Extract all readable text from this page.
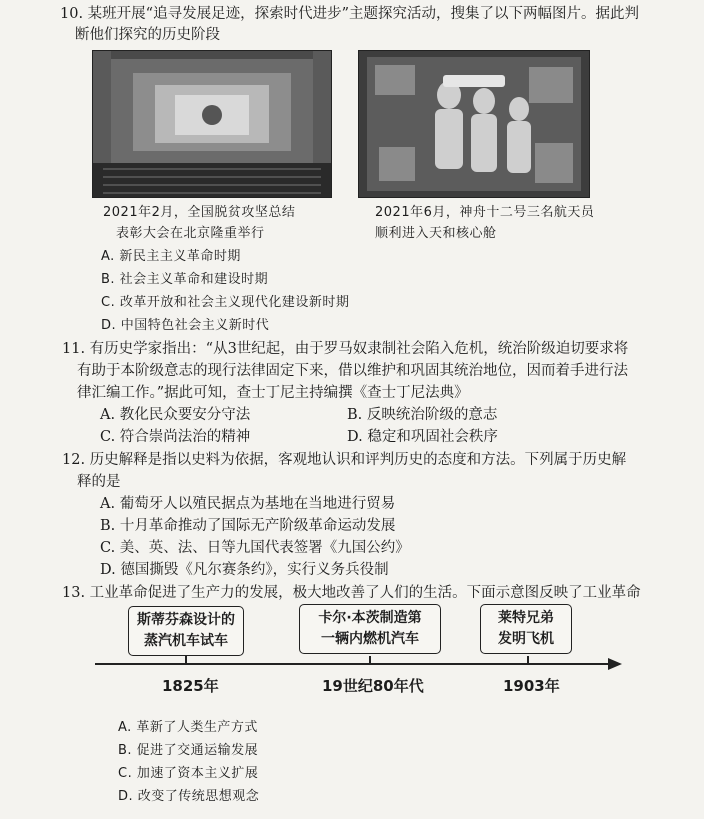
10. 某班开展“追寻发展足迹，探索时代进步”主题探究活动，搜集了以下两幅图片。据此判
断他们探究的历史阶段
2021年2月，全国脱贫攻坚总结
表彰大会在北京隆重举行
2021年6月，神舟十二号三名航天员
顺利进入天和核心舱
A. 新民主主义革命时期
B. 社会主义革命和建设时期
C. 改革开放和社会主义现代化建设新时期
D. 中国特色社会主义新时代
11. 有历史学家指出：“从3世纪起，由于罗马奴隶制社会陷入危机，统治阶级迫切要求将
有助于本阶级意志的现行法律固定下来，借以维护和巩固其统治地位，因而着手进行法
律汇编工作。”据此可知，查士丁尼主持编撰《查士丁尼法典》
A. 教化民众要安分守法	B. 反映统治阶级的意志
C. 符合崇尚法治的精神	D. 稳定和巩固社会秩序
12. 历史解释是指以史料为依据，客观地认识和评判历史的态度和方法。下列属于历史解
释的是
A. 葡萄牙人以殖民据点为基地在当地进行贸易
B. 十月革命推动了国际无产阶级革命运动发展
C. 美、英、法、日等九国代表签署《九国公约》
D. 德国撕毁《凡尔赛条约》，实行义务兵役制
13. 工业革命促进了生产力的发展，极大地改善了人们的生活。下面示意图反映了工业革命
斯蒂芬森设计的
蒸汽机车试车
卡尔·本茨制造第
一辆内燃机汽车
莱特兄弟
发明飞机
1825年	19世纪80年代	1903年
A. 革新了人类生产方式
B. 促进了交通运输发展
C. 加速了资本主义扩展
D. 改变了传统思想观念
